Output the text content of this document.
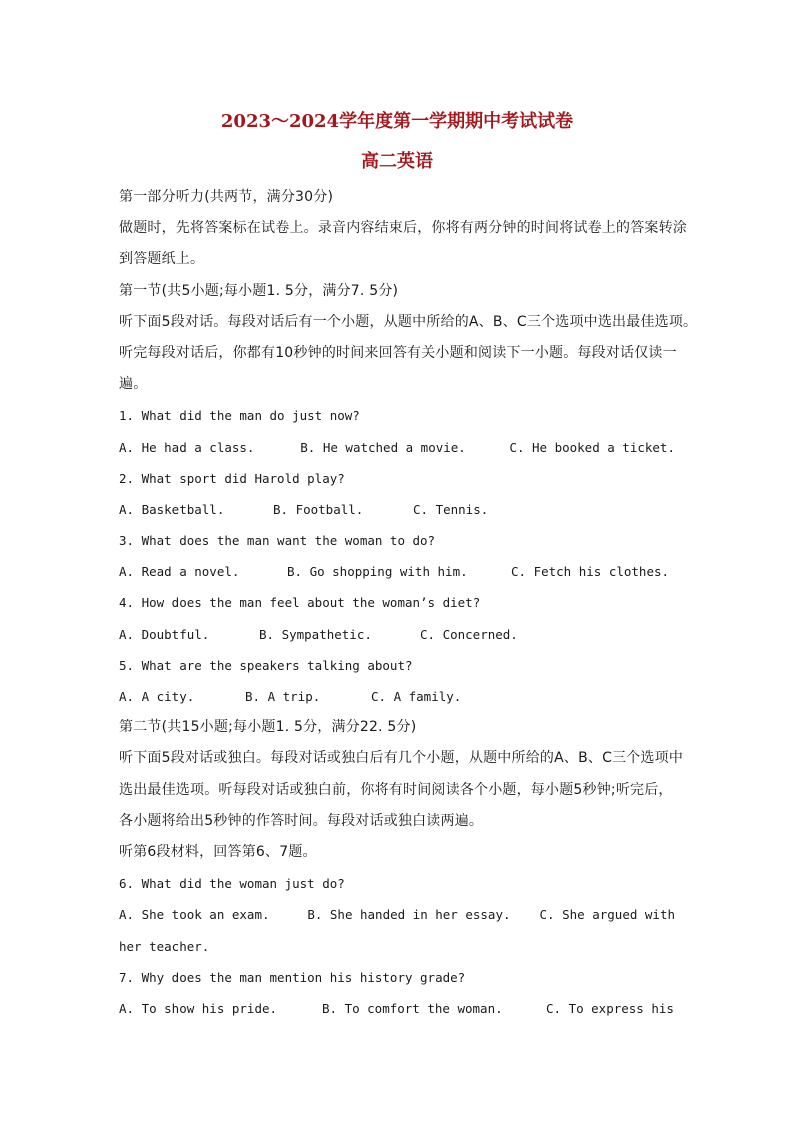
2023～2024学年度第一学期期中考试试卷
高二英语
第一部分听力(共两节，满分30分)
做题时，先将答案标在试卷上。录音内容结束后，你将有两分钟的时间将试卷上的答案转涂
到答题纸上。
第一节(共5小题;每小题1. 5分，满分7. 5分)
听下面5段对话。每段对话后有一个小题，从题中所给的A、B、C三个选项中选出最佳选项。
听完每段对话后，你都有10秒钟的时间来回答有关小题和阅读下一小题。每段对话仅读一
遍。
1. What did the man do just now?
A. He had a class.	B. He watched a movie.	C. He booked a ticket.
2. What sport did Harold play?
A. Basketball.	B. Football.	C. Tennis.
3. What does the man want the woman to do?
A. Read a novel.	B. Go shopping with him.	C. Fetch his clothes.
4. How does the man feel about the woman’s diet?
A. Doubtful.	B. Sympathetic.	C. Concerned.
5. What are the speakers talking about?
A. A city.	B. A trip.	C. A family.
第二节(共15小题;每小题1. 5分，满分22. 5分)
听下面5段对话或独白。每段对话或独白后有几个小题，从题中所给的A、B、C三个选项中
选出最佳选项。听每段对话或独白前，你将有时间阅读各个小题，每小题5秒钟;听完后，
各小题将给出5秒钟的作答时间。每段对话或独白读两遍。
听第6段材料，回答第6、7题。
6. What did the woman just do?
A. She took an exam.	B. She handed in her essay.	C. She argued with
her teacher.
7. Why does the man mention his history grade?
A. To show his pride.	B. To comfort the woman.	C. To express his
